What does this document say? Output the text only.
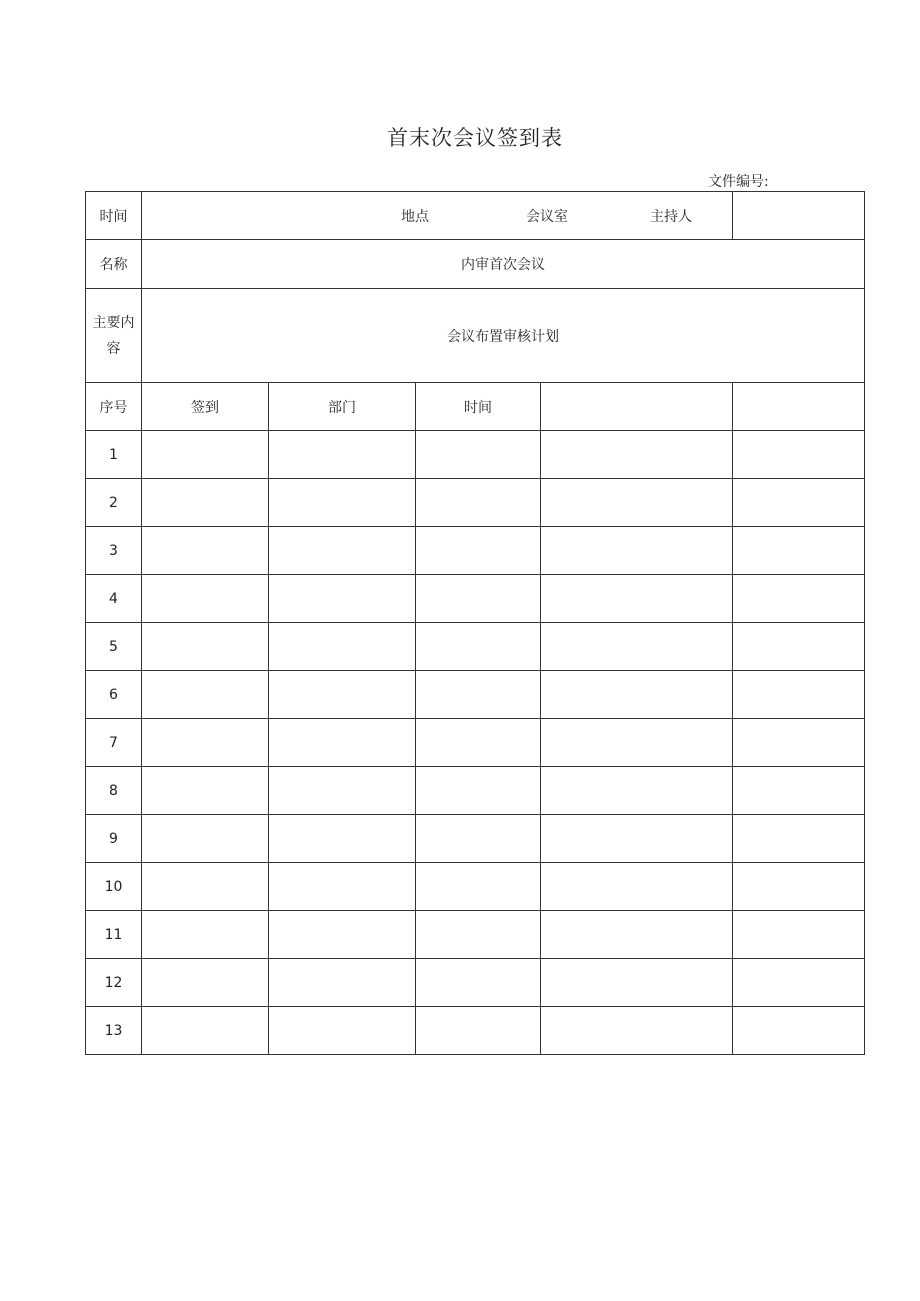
首末次会议签到表
文件编号:
时间	地点 会议室 主持人				

名称	内审首次会议				
主要内
容	会议布置审核计划				
序号	签到	部门	时间		
1					
2					
3					
4					
5					
6					
7					
8					
9					
10					
11					
12					
13					
